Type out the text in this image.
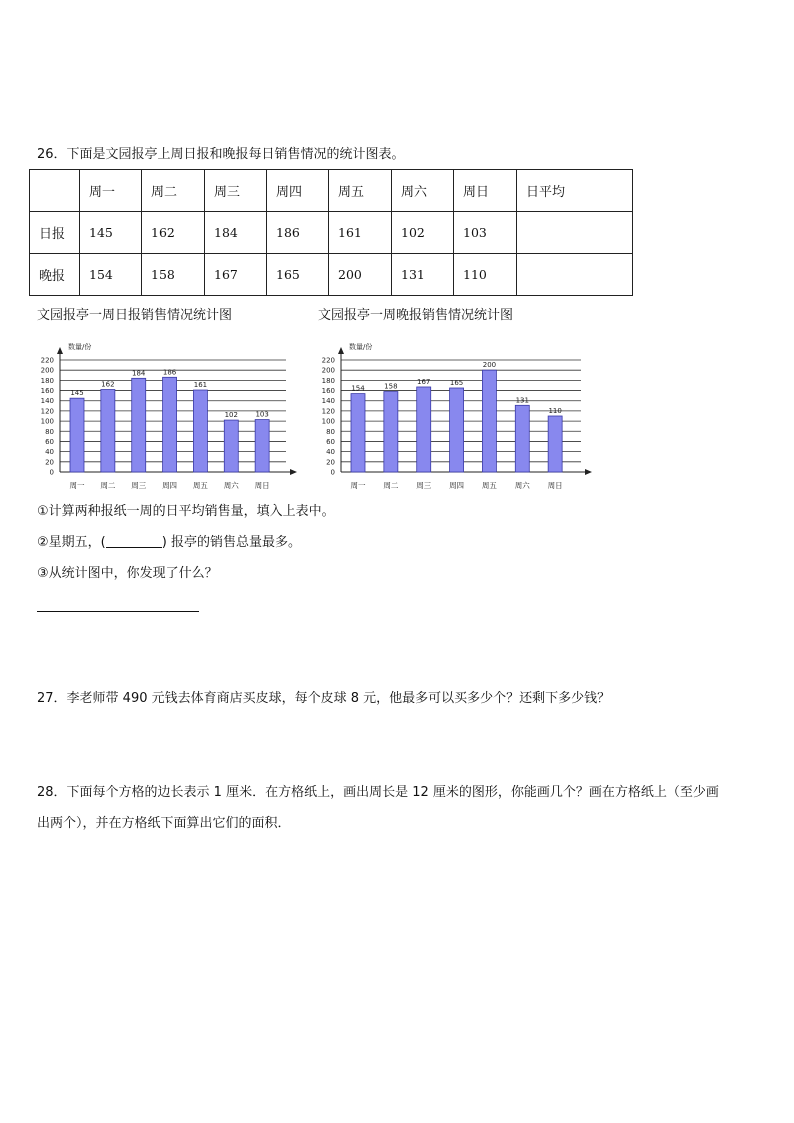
26．下面是文园报亭上周日报和晚报每日销售情况的统计图表。
	周一	周二	周三	周四	周五	周六	周日	日平均
日报	145	162	184	186	161	102	103	
晚报	154	158	167	165	200	131	110	
文园报亭一周日报销售情况统计图	文园报亭一周晚报销售情况统计图
数量/份
0
20
40
60
80
100
120
140
160
180
200
220
145
周一
162
周二
184
周三
186
周四
161
周五
102
周六
103
周日
数量/份
0
20
40
60
80
100
120
140
160
180
200
220
154
周一
158
周二
167
周三
165
周四
200
周五
131
周六
110
周日
①计算两种报纸一周的日平均销售量，填入上表中。
②星期五，(	) 报亭的销售总量最多。
③从统计图中，你发现了什么？
27．李老师带 490 元钱去体育商店买皮球，每个皮球 8 元，他最多可以买多少个？还剩下多少钱？
28．下面每个方格的边长表示 1 厘米．在方格纸上，画出周长是 12 厘米的图形，你能画几个？画在方格纸上（至少画
出两个），并在方格纸下面算出它们的面积．
